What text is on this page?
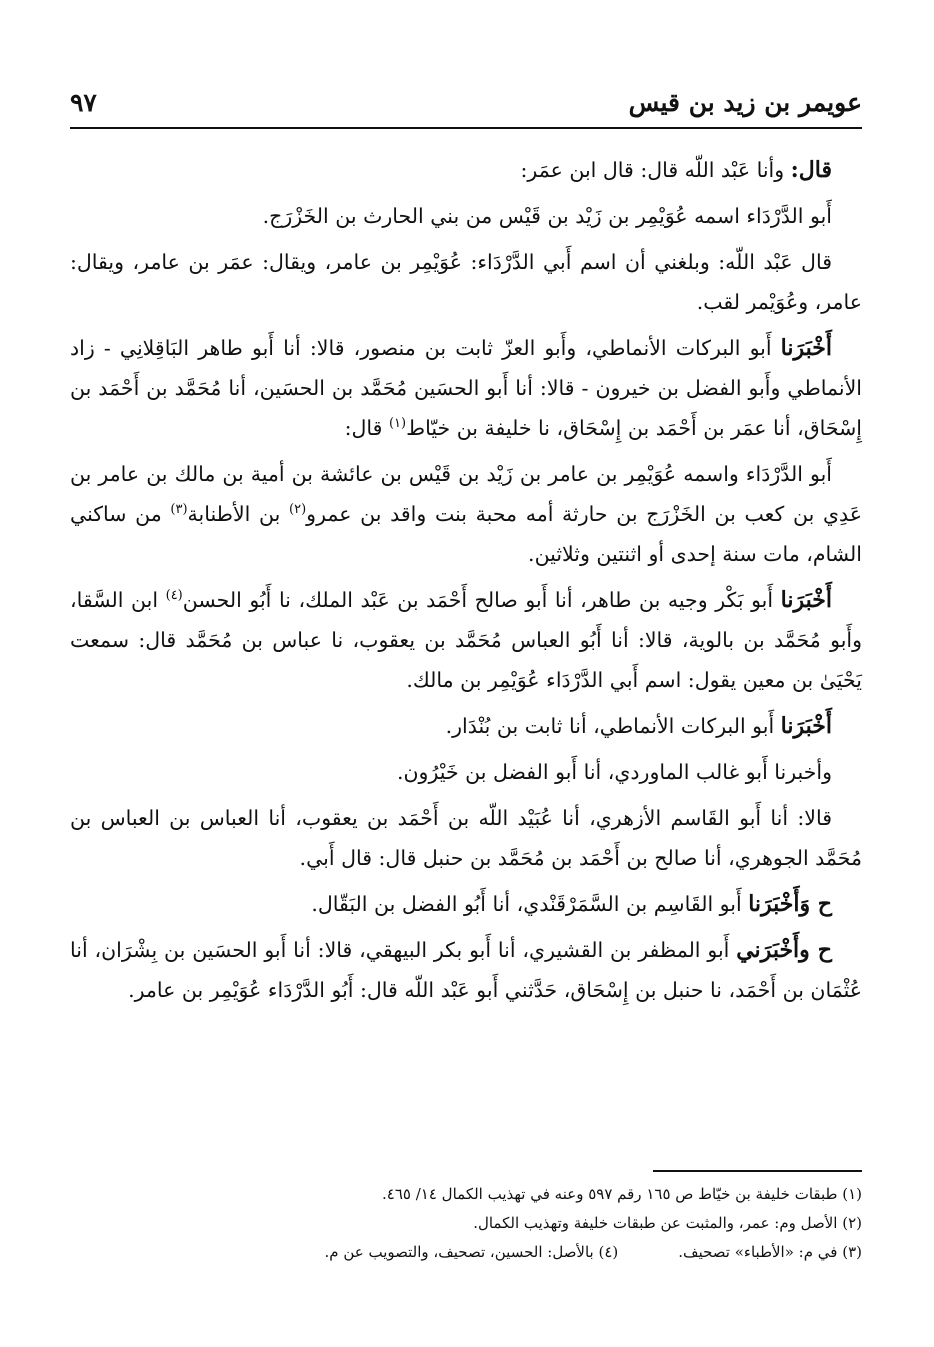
عويمر بن زيد بن قيس
٩٧

قال: وأنا عَبْد اللّه قال: قال ابن عمَر:

أَبو الدَّرْدَاء اسمه عُوَيْمِر بن زَيْد بن قَيْس من بني الحارث بن الخَزْرَج.

قال عَبْد اللّه: وبلغني أن اسم أَبي الدَّرْدَاء: عُوَيْمِر بن عامر، ويقال: عمَر بن عامر، ويقال: عامر، وعُوَيْمر لقب.

أَخْبَرَنا أَبو البركات الأنماطي، وأَبو العزّ ثابت بن منصور، قالا: أنا أَبو طاهر البَاقِلانِي - زاد الأنماطي وأَبو الفضل بن خيرون - قالا: أنا أَبو الحسَين مُحَمَّد بن الحسَين، أنا مُحَمَّد بن أَحْمَد بن إِسْحَاق، أنا عمَر بن أَحْمَد بن إِسْحَاق، نا خليفة بن خيّاط$^{(١)}$ قال:

أَبو الدَّرْدَاء واسمه عُوَيْمِر بن عامر بن زَيْد بن قَيْس بن عائشة بن أمية بن مالك بن عامر بن عَدِي بن كعب بن الخَزْرَج بن حارثة أمه محبة بنت واقد بن عمرو$^{(٢)}$ بن الأطنابة$^{(٣)}$ من ساكني الشام، مات سنة إحدى أو اثنتين وثلاثين.

أَخْبَرَنا أَبو بَكْر وجيه بن طاهر، أنا أَبو صالح أَحْمَد بن عَبْد الملك، نا أَبُو الحسن$^{(٤)}$ ابن السَّقا، وأَبو مُحَمَّد بن بالوية، قالا: أنا أَبُو العباس مُحَمَّد بن يعقوب، نا عباس بن مُحَمَّد قال: سمعت يَحْيَىٰ بن معين يقول: اسم أَبي الدَّرْدَاء عُوَيْمِر بن مالك.

أَخْبَرَنا أَبو البركات الأنماطي، أنا ثابت بن بُنْدَار.

وأخبرنا أَبو غالب الماوردي، أنا أَبو الفضل بن خَيْرُون.

قالا: أنا أَبو القَاسم الأزهري، أنا عُبَيْد اللّه بن أَحْمَد بن يعقوب، أنا العباس بن العباس بن مُحَمَّد الجوهري، أنا صالح بن أَحْمَد بن مُحَمَّد بن حنبل قال: قال أَبي.

ح وَأَخْبَرَنا أَبو القَاسِم بن السَّمَرْقَنْدي، أنا أَبُو الفضل بن البَقّال.

ح وأَخْبَرَني أَبو المظفر بن القشيري، أنا أَبو بكر البيهقي، قالا: أنا أَبو الحسَين بن بِشْرَان، أنا عُثْمَان بن أَحْمَد، نا حنبل بن إِسْحَاق، حَدَّثني أَبو عَبْد اللّه قال: أَبُو الدَّرْدَاء عُوَيْمِر بن عامر.

(١) طبقات خليفة بن خيّاط ص ١٦٥ رقم ٥٩٧ وعنه في تهذيب الكمال ١٤/ ٤٦٥.
(٢) الأصل وم: عمر، والمثبت عن طبقات خليفة وتهذيب الكمال.
(٣) في م: «الأطباء» تصحيف.
(٤) بالأصل: الحسين، تصحيف، والتصويب عن م.
